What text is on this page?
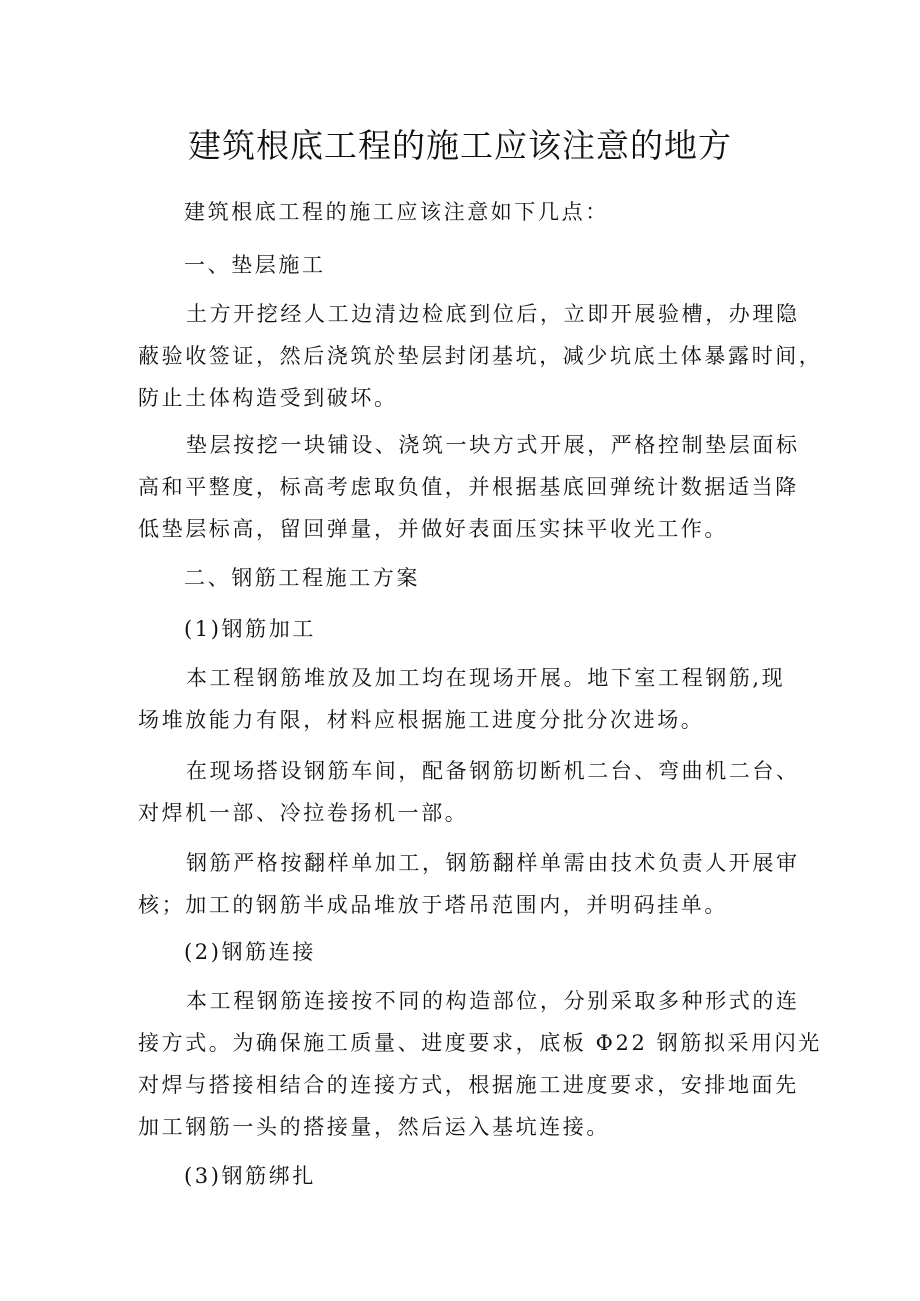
建筑根底工程的施工应该注意的地方
建筑根底工程的施工应该注意如下几点：
一、垫层施工
土方开挖经人工边清边检底到位后，立即开展验槽，办理隐
蔽验收签证，然后浇筑於垫层封闭基坑，减少坑底土体暴露时间，
防止土体构造受到破坏。
垫层按挖一块铺设、浇筑一块方式开展，严格控制垫层面标
高和平整度，标高考虑取负值，并根据基底回弹统计数据适当降
低垫层标高，留回弹量，并做好表面压实抹平收光工作。
二、钢筋工程施工方案
(1)钢筋加工
本工程钢筋堆放及加工均在现场开展。地下室工程钢筋,现
场堆放能力有限，材料应根据施工进度分批分次进场。
在现场搭设钢筋车间，配备钢筋切断机二台、弯曲机二台、
对焊机一部、冷拉卷扬机一部。
钢筋严格按翻样单加工，钢筋翻样单需由技术负责人开展审
核；加工的钢筋半成品堆放于塔吊范围内，并明码挂单。
(2)钢筋连接
本工程钢筋连接按不同的构造部位，分别采取多种形式的连
接方式。为确保施工质量、进度要求，底板 Φ22 钢筋拟采用闪光
对焊与搭接相结合的连接方式，根据施工进度要求，安排地面先
加工钢筋一头的搭接量，然后运入基坑连接。
(3)钢筋绑扎
